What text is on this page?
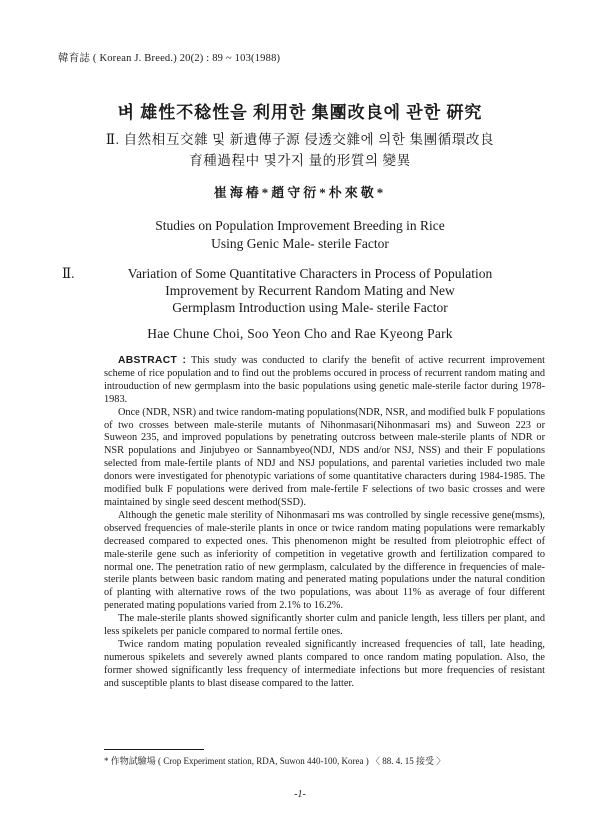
韓育誌 ( Korean J. Breed.) 20(2) : 89 ~ 103(1988)
벼 雄性不稔性을 利用한 集團改良에 관한 硏究
Ⅱ. 自然相互交雜 및 新遺傳子源 侵透交雜에 의한 集團循環改良
育種過程中 몇가지 量的形質의 變異
崔海椿*趙守衍*朴來敬*
Studies on Population Improvement Breeding in Rice
Using Genic Male- sterile Factor
Ⅱ.	Variation of Some Quantitative Characters in Process of Population
Improvement by Recurrent Random Mating and New
Germplasm Introduction using Male- sterile Factor
Hae Chune Choi, Soo Yeon Cho and Rae Kyeong Park

ABSTRACT : This study was conducted to clarify the benefit of active recurrent improvement scheme of rice population and to find out the problems occured in process of recurrent random mating and introuduction of new germplasm into the basic populations using genetic male-sterile factor during 1978-1983.

Once (NDR, NSR) and twice random-mating populations(NDR, NSR, and modified bulk F populations of two crosses between male-sterile mutants of Nihonmasari(Nihonmasari ms) and Suweon 223 or Suweon 235, and improved populations by penetrating outcross between male-sterile plants of NDR or NSR populations and Jinjubyeo or Sannambyeo(NDJ, NDS and/or NSJ, NSS) and their F populations selected from male-fertile plants of NDJ and NSJ populations, and parental varieties included two male donors were investigated for phenotypic variations of some quantitative characters during 1984-1985. The modified bulk F populations were derived from male-fertile F selections of two basic crosses and were maintained by single seed descent method(SSD).

Although the genetic male sterility of Nihonmasari ms was controlled by single recessive gene(msms), observed frequencies of male-sterile plants in once or twice random mating populations were remarkably decreased compared to expected ones. This phenomenon might be resulted from pleiotrophic effect of male-sterile gene such as inferiority of competition in vegetative growth and fertilization compared to normal one. The penetration ratio of new germplasm, calculated by the difference in frequencies of male-sterile plants between basic random mating and penerated mating populations under the natural condition of planting with alternative rows of the two populations, was about 11% as average of four different penerated mating populations varied from 2.1% to 16.2%.

The male-sterile plants showed significantly shorter culm and panicle length, less tillers per plant, and less spikelets per panicle compared to normal fertile ones.

Twice random mating population revealed significantly increased frequencies of tall, late heading, numerous spikelets and severely awned plants compared to once random mating population. Also, the former showed significantly less frequency of intermediate infections but more frequencies of resistant and susceptible plants to blast disease compared to the latter.

* 作物試驗場 ( Crop Experiment station, RDA, Suwon 440-100, Korea ) 〈 88. 4. 15 接受 〉
-1-
